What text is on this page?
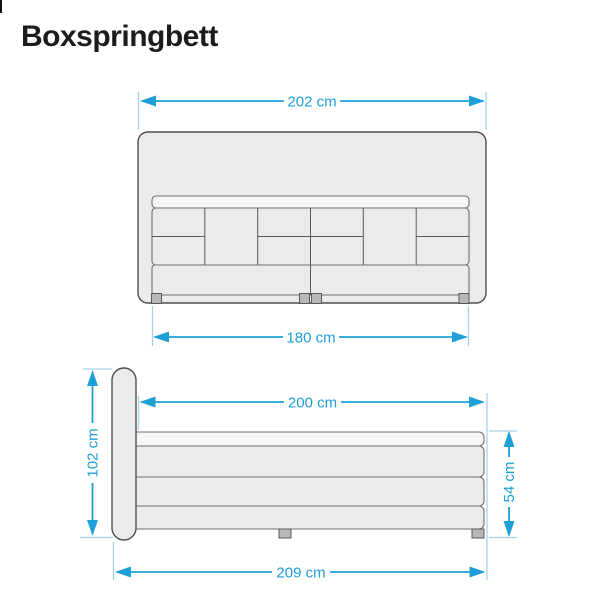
Boxspringbett
202 cm
180 cm
102 cm
200 cm
54 cm
209 cm
